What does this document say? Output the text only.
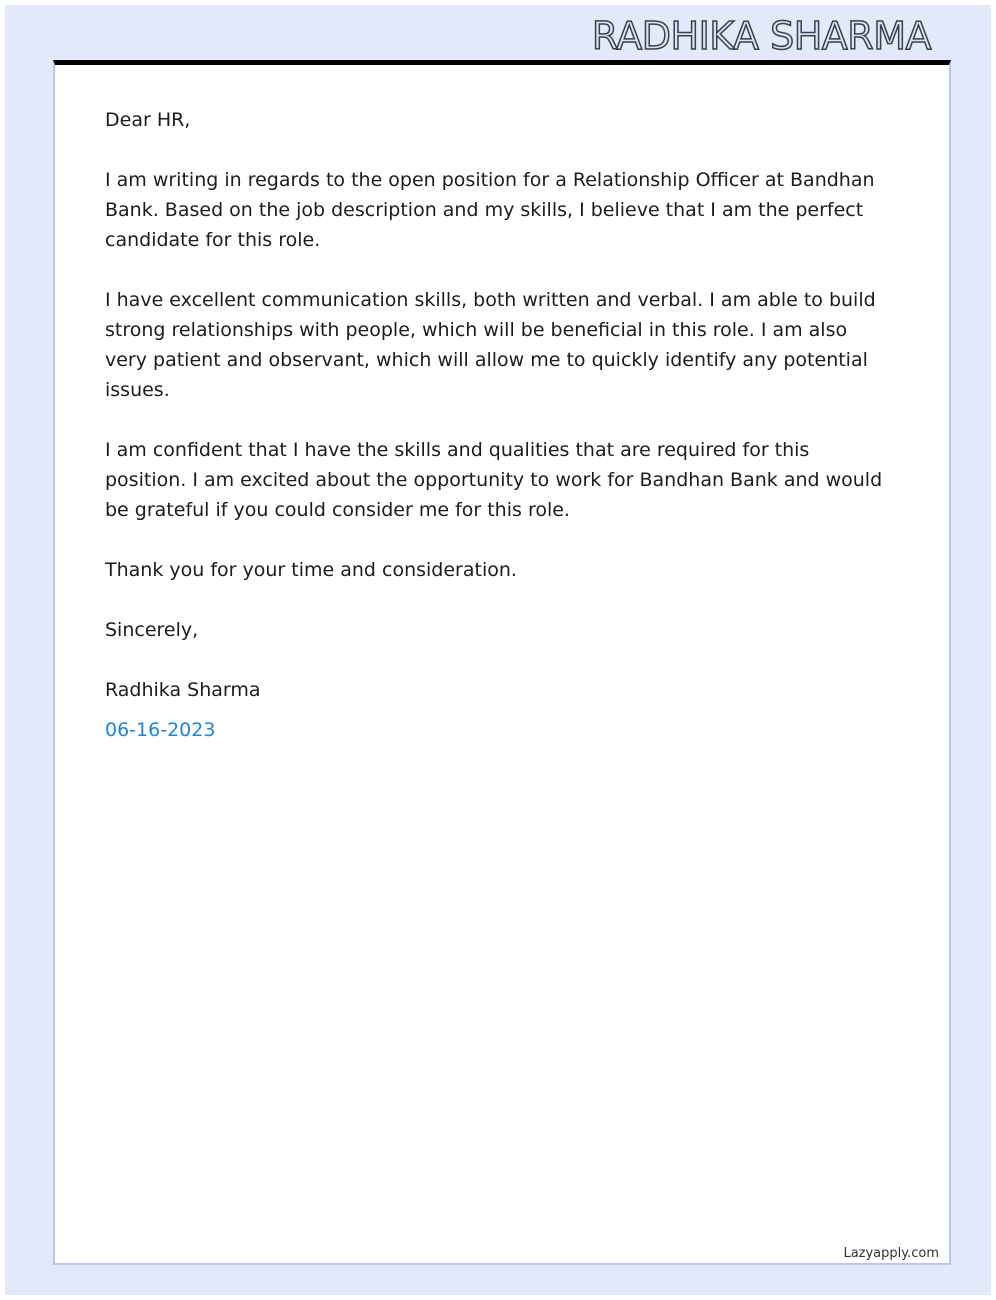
RADHIKA SHARMA

Dear HR,

I am writing in regards to the open position for a Relationship Officer at Bandhan Bank. Based on the job description and my skills, I believe that I am the perfect candidate for this role.

I have excellent communication skills, both written and verbal. I am able to build strong relationships with people, which will be beneficial in this role. I am also very patient and observant, which will allow me to quickly identify any potential issues.

I am confident that I have the skills and qualities that are required for this position. I am excited about the opportunity to work for Bandhan Bank and would be grateful if you could consider me for this role.

Thank you for your time and consideration.

Sincerely,

Radhika Sharma

06-16-2023

Lazyapply.com
